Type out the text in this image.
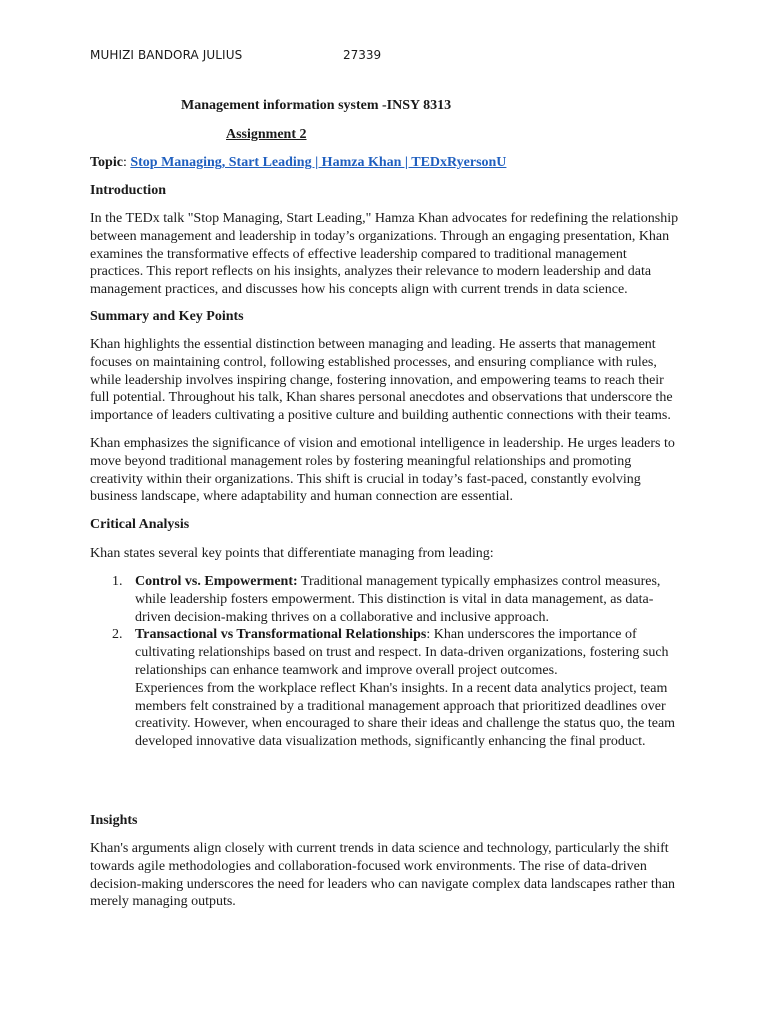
MUHIZI BANDORA JULIUS	27339
Management information system -INSY 8313
Assignment 2
Topic: Stop Managing, Start Leading | Hamza Khan | TEDxRyersonU
Introduction

In the TEDx talk "Stop Managing, Start Leading," Hamza Khan advocates for redefining the relationship between management and leadership in today’s organizations. Through an engaging presentation, Khan examines the transformative effects of effective leadership compared to traditional management practices. This report reflects on his insights, analyzes their relevance to modern leadership and data management practices, and discusses how his concepts align with current trends in data science.

Summary and Key Points

Khan highlights the essential distinction between managing and leading. He asserts that management focuses on maintaining control, following established processes, and ensuring compliance with rules, while leadership involves inspiring change, fostering innovation, and empowering teams to reach their full potential. Throughout his talk, Khan shares personal anecdotes and observations that underscore the importance of leaders cultivating a positive culture and building authentic connections with their teams.

Khan emphasizes the significance of vision and emotional intelligence in leadership. He urges leaders to move beyond traditional management roles by fostering meaningful relationships and promoting creativity within their organizations. This shift is crucial in today’s fast-paced, constantly evolving business landscape, where adaptability and human connection are essential.

Critical Analysis

Khan states several key points that differentiate managing from leading:

1. Control vs. Empowerment: Traditional management typically emphasizes control measures, while leadership fosters empowerment. This distinction is vital in data management, as data-driven decision-making thrives on a collaborative and inclusive approach.
2. Transactional vs Transformational Relationships: Khan underscores the importance of cultivating relationships based on trust and respect. In data-driven organizations, fostering such relationships can enhance teamwork and improve overall project outcomes.
Experiences from the workplace reflect Khan's insights. In a recent data analytics project, team members felt constrained by a traditional management approach that prioritized deadlines over creativity. However, when encouraged to share their ideas and challenge the status quo, the team developed innovative data visualization methods, significantly enhancing the final product.
Insights

Khan's arguments align closely with current trends in data science and technology, particularly the shift towards agile methodologies and collaboration-focused work environments. The rise of data-driven decision-making underscores the need for leaders who can navigate complex data landscapes rather than merely managing outputs.
